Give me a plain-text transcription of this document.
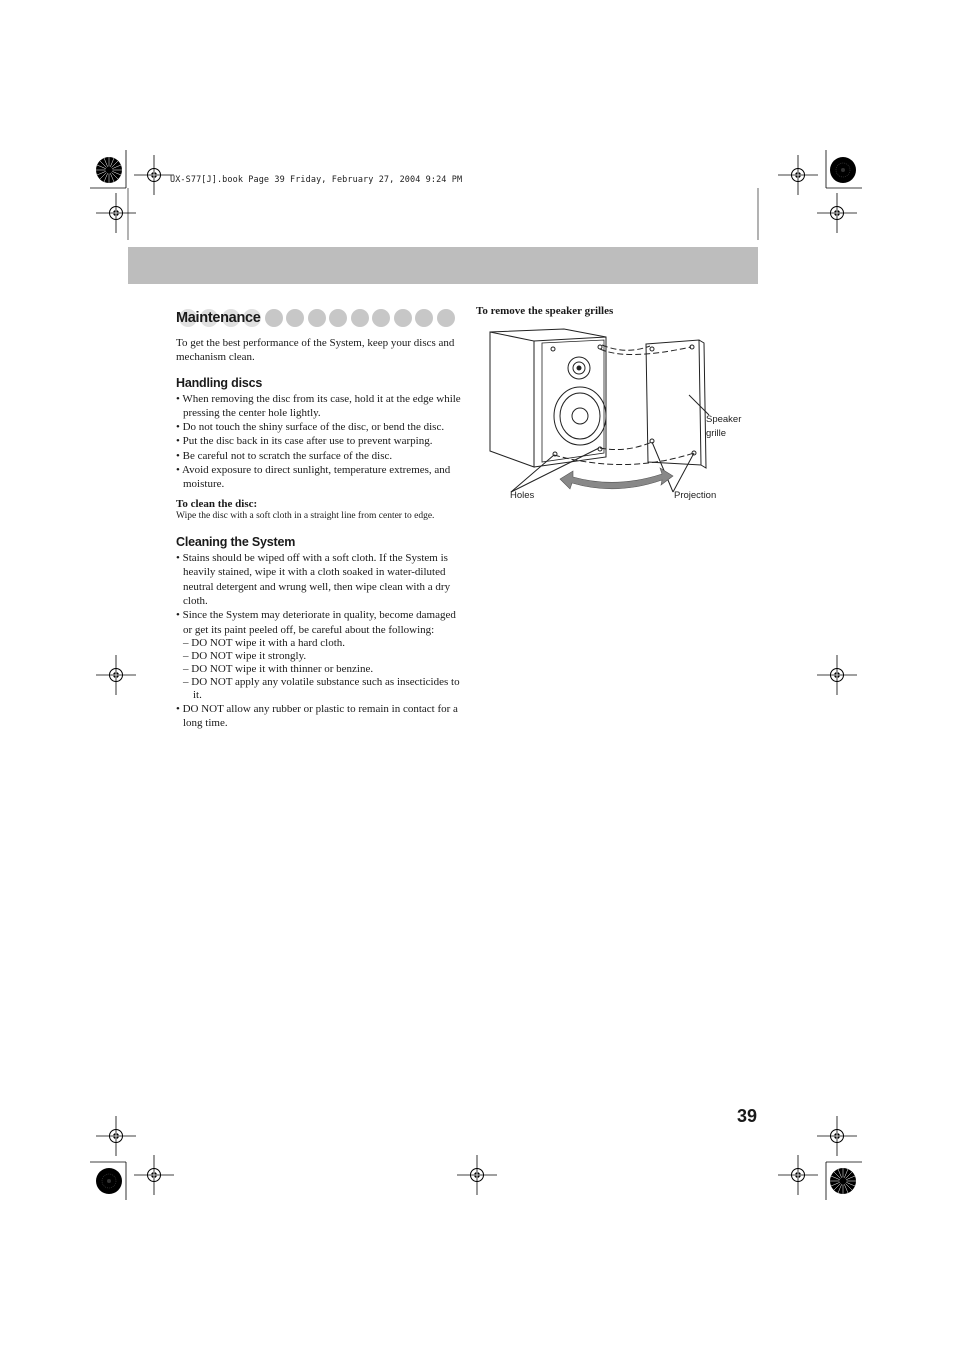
UX-S77[J].book Page 39 Friday, February 27, 2004 9:24 PM
Maintenance

To get the best performance of the System, keep your discs and mechanism clean.

Handling discs
• When removing the disc from its case, hold it at the edge while pressing the center hole lightly.
• Do not touch the shiny surface of the disc, or bend the disc.
• Put the disc back in its case after use to prevent warping.
• Be careful not to scratch the surface of the disc.
• Avoid exposure to direct sunlight, temperature extremes, and moisture.
To clean the disc:
Wipe the disc with a soft cloth in a straight line from center to edge.
Cleaning the System
• Stains should be wiped off with a soft cloth. If the System is heavily stained, wipe it with a cloth soaked in water-diluted neutral detergent and wrung well, then wipe clean with a dry cloth.
• Since the System may deteriorate in quality, become damaged or get its paint peeled off, be careful about the following:
– DO NOT wipe it with a hard cloth.
– DO NOT wipe it strongly.
– DO NOT wipe it with thinner or benzine.
– DO NOT apply any volatile substance such as insecticides to it.
• DO NOT allow any rubber or plastic to remain in contact for a long time.
To remove the speaker grilles
Speaker
grille
Holes	Projection
39
